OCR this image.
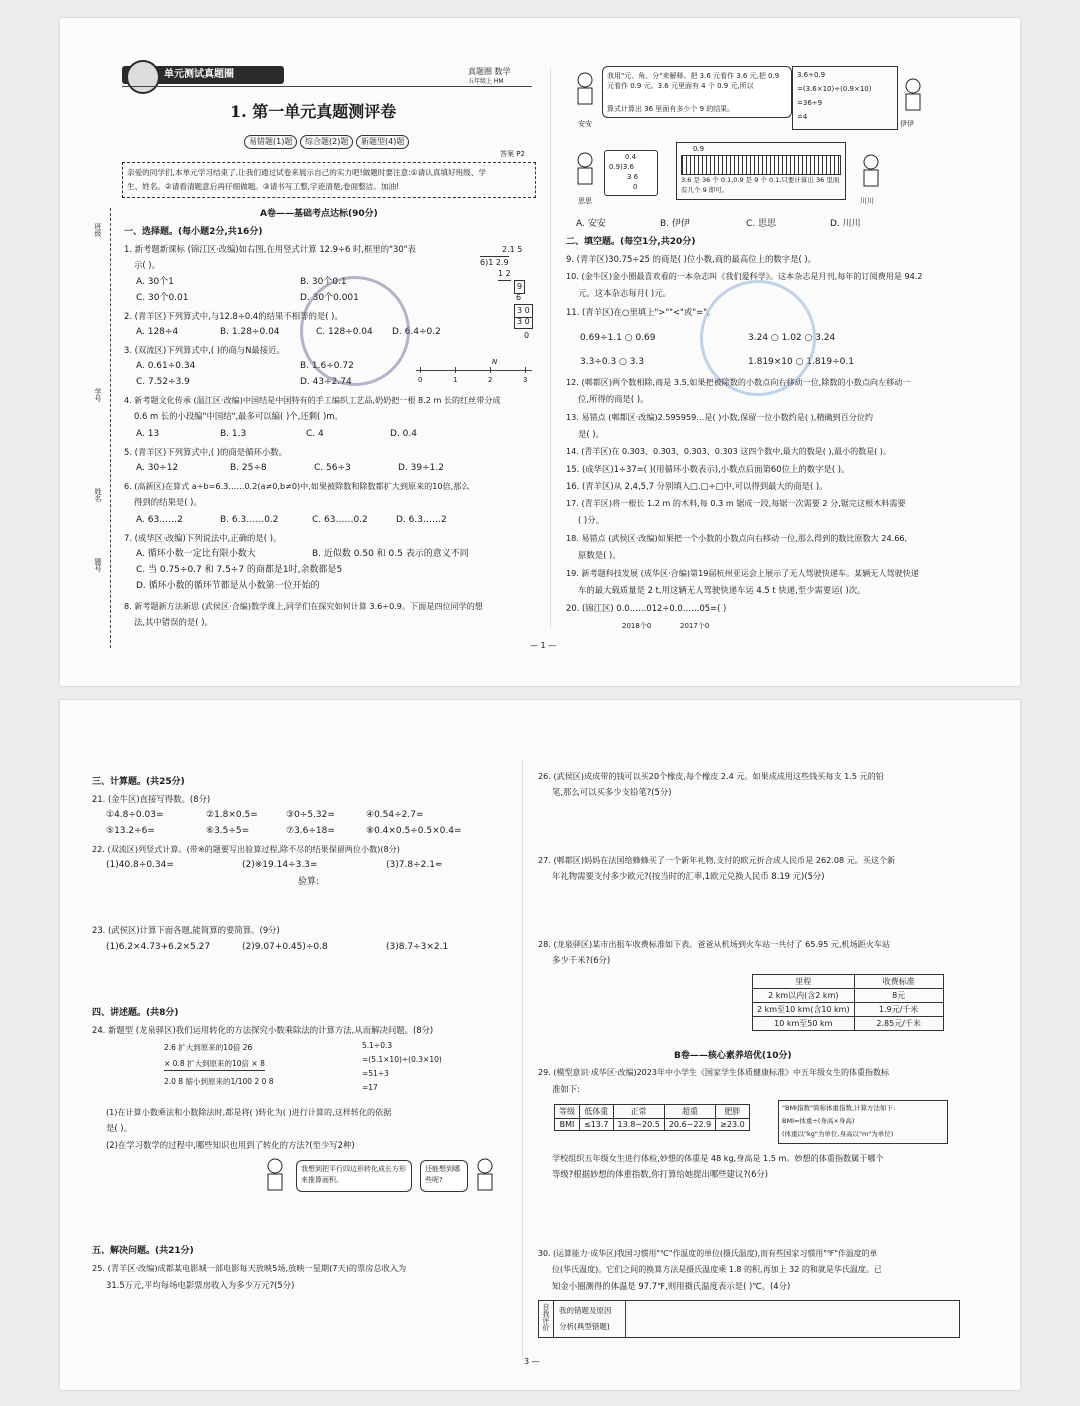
单元测试真题圈	真题圈 数学
五年级上 HM
1. 第一单元真题测评卷
易错题(1)题	综合题(2)题	新题型(4)题
答案 P2
亲爱的同学们,本单元学习结束了,让我们通过试卷来展示自己的实力吧!做题时要注意:①请认真填好班级、学
生、姓名。②请看清题意后再仔细做题。③请书写工整,字迹清楚,卷面整洁。加油!
班级
学号
姓名
题号
A卷——基础考点达标(90分)
一、选择题。(每小题2分,共16分)
1. 新考题新课标 (锦江区·改编)如右图,在用竖式计算 12.9÷6 时,框里的"30"表
示( )。
A. 30个1	B. 30个0.1
C. 30个0.01	D. 30个0.001
2.1 5
6)1 2.9
1 2
9
6
3 0
3 0
0
2. (青羊区)下列算式中,与12.8÷0.4的结果不相等的是( )。
A. 128÷4	B. 1.28÷0.04	C. 128÷0.04 D. 6.4÷0.2
3. (双流区)下列算式中,( )的商与N最接近。
A. 0.61÷0.34	B. 1.6÷0.72
C. 7.52÷3.9	D. 43÷2.74	0	1	2	3
N
4. 新考题文化传承 (温江区·改编)中国结是中国特有的手工编织工艺品,奶奶把一根 8.2 m 长的红丝带分成
0.6 m 长的小段编"中国结",最多可以编( )个,还剩( )m。
A. 13	B. 1.3	C. 4	D. 0.4
5. (青羊区)下列算式中,( )的商是循环小数。
A. 30÷12	B. 25÷8	C. 56÷3	D. 39÷1.2
6. (高新区)在算式 a÷b=6.3……0.2(a≠0,b≠0)中,如果被除数和除数都扩大到原来的10倍,那么
得到的结果是( )。
A. 63……2	B. 6.3……0.2	C. 63……0.2	D. 6.3……2
7. (成华区·改编)下列说法中,正确的是( )。
A. 循环小数一定比有限小数大	B. 近似数 0.50 和 0.5 表示的意义不同
C. 当 0.75÷0.7 和 7.5÷7 的商都是1时,余数都是5
D. 循环小数的循环节都是从小数第一位开始的
8. 新考题新方法新思 (武侯区·合编)数学课上,同学们在探究如何计算 3.6÷0.9。下面是四位同学的想
法,其中错误的是( )。
安安
我用"元、角、分"来解释。把 3.6 元看作 3.6 元,把 0.9 元看作 0.9 元。3.6 元里面有 4 个 0.9 元,所以
算式计算出 36 里面有多少个 9 的结果。
3.6÷0.9
=(3.6×10)÷(0.9×10)
=36÷9
=4
伊伊
思思
0.4
0.9)3.6
3 6
0
0.9
3.6 是 36 个 0.1,0.9 是 9 个 0.1,只要计算出 36 里面有几个 9 即可。
川川
A. 安安	B. 伊伊	C. 思思	D. 川川
二、填空题。(每空1分,共20分)
9. (青羊区)30.75÷25 的商是( )位小数,商的最高位上的数字是( )。
10. (金牛区)金小圈最喜欢看的一本杂志叫《我们爱科学》。这本杂志是月刊,每年的订阅费用是 94.2
元。这本杂志每月( )元。
11. (青羊区)在○里填上">""<"或"="。
0.69÷1.1 ○ 0.69	3.24 ○ 1.02 ○ 3.24
3.3÷0.3 ○ 3.3	1.819×10 ○ 1.819÷0.1
12. (郫都区)两个数相除,商是 3.5,如果把被除数的小数点向右移动一位,除数的小数点向左移动一
位,所得的商是( )。
13. 易错点 (郫都区·改编)2.595959…是( )小数,保留一位小数约是( ),精确到百分位约
是( )。
14. (青羊区)在 0.303、0.3̇03̇、0.30̇3̇、0.303 这四个数中,最大的数是( ),最小的数是( )。
15. (成华区)1÷37=( )(用循环小数表示),小数点后面第60位上的数字是( )。
16. (青羊区)从 2,4,5,7 分别填入□.□÷□中,可以得到最大的商是( )。
17. (青羊区)将一根长 1.2 m 的木料,每 0.3 m 锯成一段,每锯一次需要 2 分,锯完这根木料需要
( )分。
18. 易错点 (武侯区·改编)如果把一个小数的小数点向右移动一位,那么得到的数比原数大 24.66,
原数是( )。
19. 新考题科技发展 (成华区·合编)第19届杭州亚运会上展示了无人驾驶快递车。某辆无人驾驶快递
车的最大载质量是 2 t,用这辆无人驾驶快递车运 4.5 t 快递,至少需要运( )次。
20. (锦江区) 0.0……012÷0.0……05=( )
2018个0	2017个0
— 1 —
三、计算题。(共25分)
21. (金牛区)直接写得数。(8分)
①4.8÷0.03=	②1.8×0.5=	③0÷5.32=	④0.54÷2.7=
⑤13.2÷6=	⑥3.5÷5=	⑦3.6÷18=	⑧0.4×0.5÷0.5×0.4=
22. (双流区)列竖式计算。(带※的题要写出验算过程,除不尽的结果保留两位小数)(8分)
(1)40.8÷0.34=	(2)※19.14÷3.3=	(3)7.8÷2.1≈
验算:
23. (武侯区)计算下面各题,能简算的要简算。(9分)
(1)6.2×4.73+6.2×5.27	(2)9.07+0.45)÷0.8	(3)8.7÷3×2.1
四、讲述题。(共8分)
24. 新题型 (龙泉驿区)我们运用转化的方法探究小数乘除法的计算方法,从而解决问题。(8分)
2.6 扩大到原来的10倍 26
× 0.8 扩大到原来的10倍 × 8
2.0 8 缩小到原来的1/100 2 0 8
5.1÷0.3
=(5.1×10)÷(0.3×10)
=51÷3
=17
(1)在计算小数乘法和小数除法时,都是将( )转化为( )进行计算的,这样转化的依据
是( )。
(2)在学习数学的过程中,哪些知识也用到了转化的方法?(至少写2种)
我想到把平行四边形转化成长方形来推算面积。
还能想到哪些呢?
五、解决问题。(共21分)
25. (青羊区·改编)成都某电影城一部电影每天放映5场,放映一星期(7天)的票房总收入为
31.5万元,平均每场电影票房收入为多少万元?(5分)
26. (武侯区)成成带的钱可以买20个橡皮,每个橡皮 2.4 元。如果成成用这些钱买每支 1.5 元的铅
笔,那么可以买多少支铅笔?(5分)
27. (郫都区)妈妈在法国给蜂蜂买了一个新年礼物,支付的欧元折合成人民币是 262.08 元。买这个新
年礼物需要支付多少欧元?(按当时的汇率,1欧元兑换人民币 8.19 元)(5分)
28. (龙泉驿区)某市出租车收费标准如下表。爸爸从机场到火车站一共付了 65.95 元,机场距火车站
多少千米?(6分)
里程	收费标准
2 km以内(含2 km)	8元
2 km至10 km(含10 km)	1.9元/千米
10 km至50 km	2.85元/千米
B卷——核心素养培优(10分)
29. (模型意识·成华区·改编)2023年中小学生《国家学生体质健康标准》中五年级女生的体重指数标
准如下:
等级	低体重	正常	超重	肥胖
BMI	≤13.7	13.8~20.5	20.6~22.9	≥23.0
"BMI指数"简称体重指数,计算方法如下:
BMI=体重÷(身高×身高)
(体重以"kg"为单位,身高以"m"为单位)
学校组织五年级女生进行体检,妙想的体重是 48 kg,身高是 1.5 m。妙想的体重指数属于哪个
等级?根据妙想的体重指数,你打算给她提出哪些建议?(6分)
30. (运算能力·成华区)我国习惯用"℃"作温度的单位(摄氏温度),而有些国家习惯用"℉"作温度的单
位(华氏温度)。它们之间的换算方法是摄氏温度乘 1.8 的积,再加上 32 的和就是华氏温度。已
知金小圈测得的体温是 97.7℉,则用摄氏温度表示是( )℃。(4分)
自我评价 我的错题及原因
分析(典型错题)
3 —
